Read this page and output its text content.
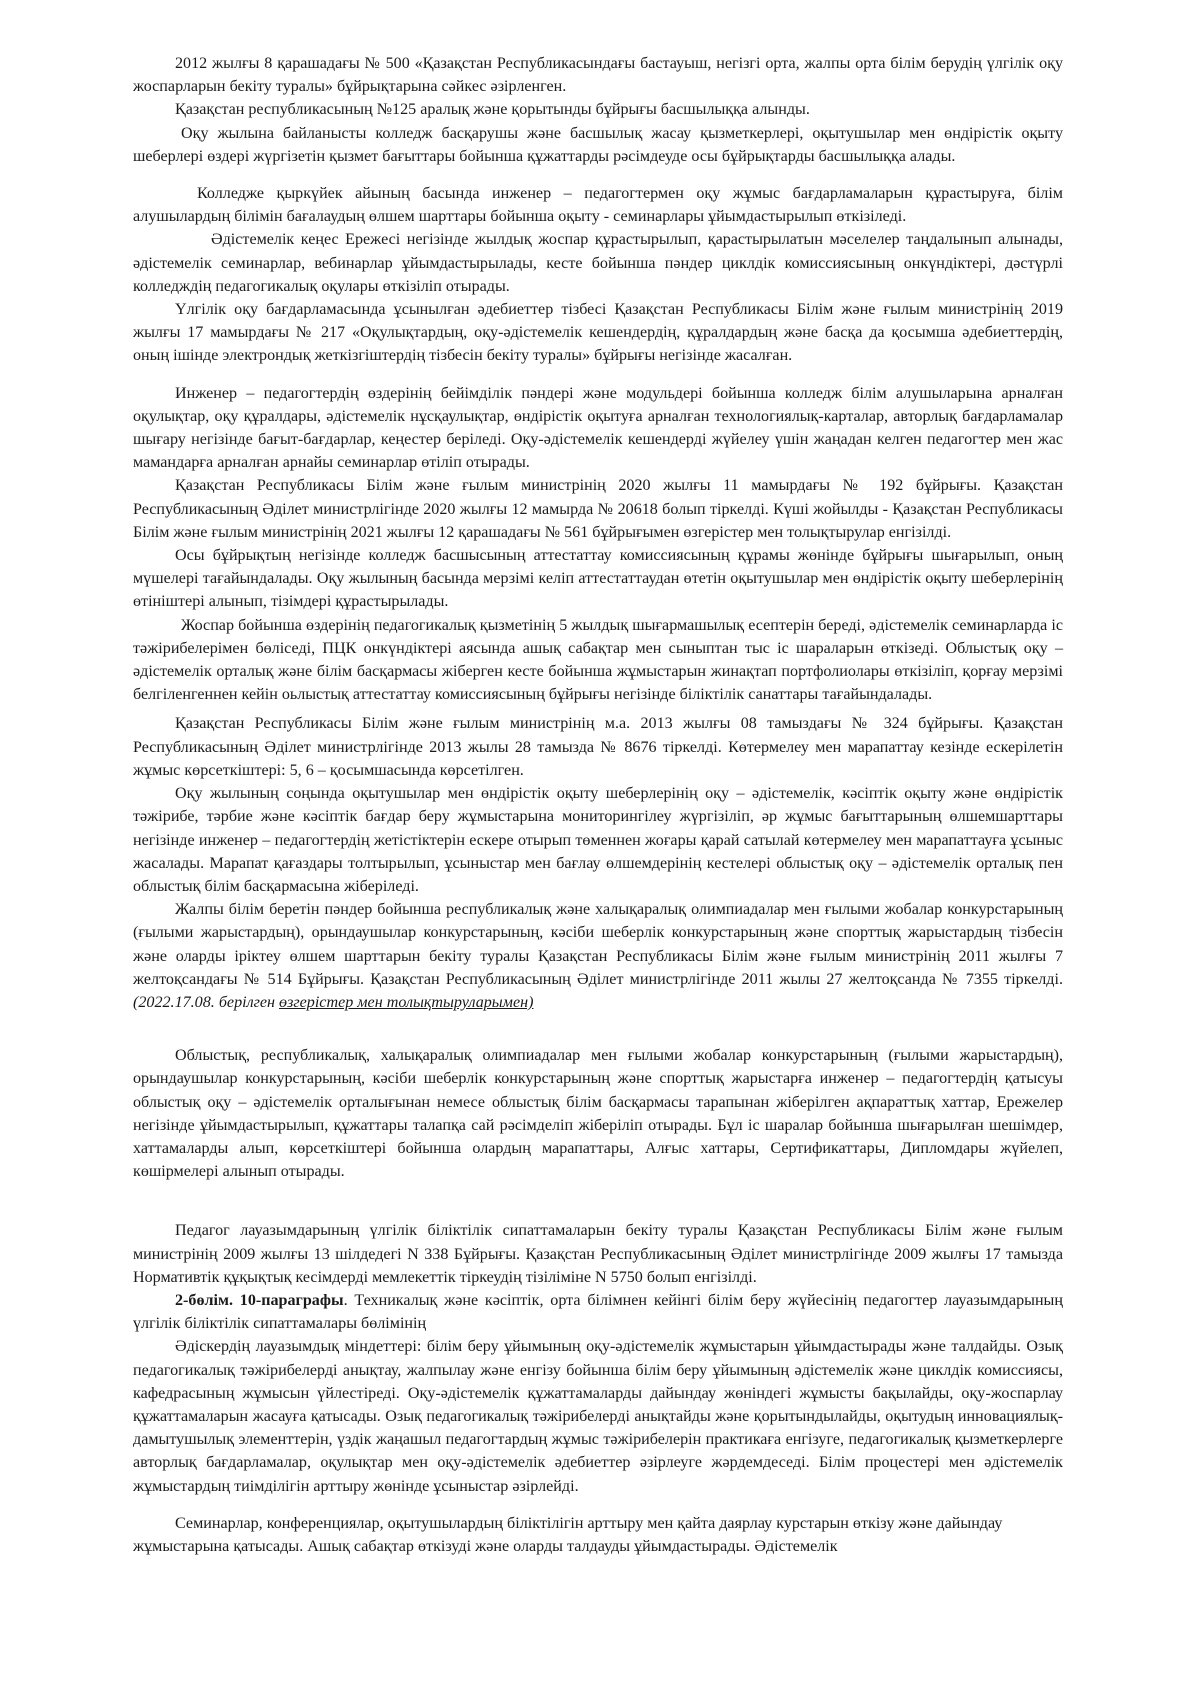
2012 жылғы 8 қарашадағы № 500 «Қазақстан Республикасындағы бастауыш, негізгі орта, жалпы орта білім берудің үлгілік оқу жоспарларын бекіту туралы» бұйрықтарына сәйкес әзірленген.

Қазақстан республикасының №125 аралық және қорытынды бұйрығы басшылыққа алынды.

Оқу жылына байланысты колледж басқарушы және басшылық жасау қызметкерлері, оқытушылар мен өндірістік оқыту шеберлері өздері жүргізетін қызмет бағыттары бойынша құжаттарды рәсімдеуде осы бұйрықтарды басшылыққа алады.

Колледже қыркүйек айының басында инженер – педагогтермен оқу жұмыс бағдарламаларын құрастыруға, білім алушылардың білімін бағалаудың өлшем шарттары бойынша оқыту - семинарлары ұйымдастырылып өткізіледі.

Әдістемелік кеңес Ережесі негізінде жылдық жоспар құрастырылып, қарастырылатын мәселелер таңдалынып алынады, әдістемелік семинарлар, вебинарлар ұйымдастырылады, кесте бойынша пәндер циклдік комиссиясының онкүндіктері, дәстүрлі колледждің педагогикалық оқулары өткізіліп отырады.

Үлгілік оқу бағдарламасында ұсынылған әдебиеттер тізбесі Қазақстан Республикасы Білім және ғылым министрінің 2019 жылғы 17 мамырдағы № 217 «Оқулықтардың, оқу-әдістемелік кешендердің, құралдардың және басқа да қосымша әдебиеттердің, оның ішінде электрондық жеткізгіштердің тізбесін бекіту туралы» бұйрығы негізінде жасалған.

Инженер – педагогтердің өздерінің бейімділік пәндері және модульдері бойынша колледж білім алушыларына арналған оқулықтар, оқу құралдары, әдістемелік нұсқаулықтар, өндірістік оқытуға арналған технологиялық-карталар, авторлық бағдарламалар шығару негізінде бағыт-бағдарлар, кеңестер беріледі. Оқу-әдістемелік кешендерді жүйелеу үшін жаңадан келген педагогтер мен жас мамандарға арналған арнайы семинарлар өтіліп отырады.

Қазақстан Республикасы Білім және ғылым министрінің 2020 жылғы 11 мамырдағы № 192 бұйрығы. Қазақстан Республикасының Әділет министрлігінде 2020 жылғы 12 мамырда № 20618 болып тіркелді. Күші жойылды - Қазақстан Республикасы Білім және ғылым министрінің 2021 жылғы 12 қарашадағы № 561 бұйрығымен өзгерістер мен толықтырулар енгізілді.

Осы бұйрықтың негізінде колледж басшысының аттестаттау комиссиясының құрамы жөнінде бұйрығы шығарылып, оның мүшелері тағайындалады. Оқу жылының басында мерзімі келіп аттестаттаудан өтетін оқытушылар мен өндірістік оқыту шеберлерінің өтініштері алынып, тізімдері құрастырылады.

Жоспар бойынша өздерінің педагогикалық қызметінің 5 жылдық шығармашылық есептерін береді, әдістемелік семинарларда іс тәжірибелерімен бөліседі, ПЦК онкүндіктері аясында ашық сабақтар мен сыныптан тыс іс шараларын өткізеді. Облыстық оқу – әдістемелік орталық және білім басқармасы жіберген кесте бойынша жұмыстарын жинақтап портфолиолары өткізіліп, қорғау мерзімі белгіленгеннен кейін оьлыстық аттестаттау комиссиясының бұйрығы негізінде біліктілік санаттары тағайындалады.

Қазақстан Республикасы Білім және ғылым министрінің м.а. 2013 жылғы 08 тамыздағы № 324 бұйрығы. Қазақстан Республикасының Әділет министрлігінде 2013 жылы 28 тамызда № 8676 тіркелді. Көтермелеу мен марапаттау кезінде ескерілетін жұмыс көрсеткіштері: 5, 6 – қосымшасында көрсетілген.

Оқу жылының соңында оқытушылар мен өндірістік оқыту шеберлерінің оқу – әдістемелік, кәсіптік оқыту және өндірістік тәжірибе, тәрбие және кәсіптік бағдар беру жұмыстарына мониторингілеу жүргізіліп, әр жұмыс бағыттарының өлшемшарттары негізінде инженер – педагогтердің жетістіктерін ескере отырып төменнен жоғары қарай сатылай көтермелеу мен марапаттауға ұсыныс жасалады. Марапат қағаздары толтырылып, ұсыныстар мен бағлау өлшемдерінің кестелері облыстық оқу – әдістемелік орталық пен облыстық білім басқармасына жіберіледі.

Жалпы білім беретін пәндер бойынша республикалық және халықаралық олимпиадалар мен ғылыми жобалар конкурстарының (ғылыми жарыстардың), орындаушылар конкурстарының, кәсіби шеберлік конкурстарының және спорттық жарыстардың тізбесін және оларды іріктеу өлшем шарттарын бекіту туралы Қазақстан Республикасы Білім және ғылым министрінің 2011 жылғы 7 желтоқсандағы № 514 Бұйрығы. Қазақстан Республикасының Әділет министрлігінде 2011 жылы 27 желтоқсанда № 7355 тіркелді. (2022.17.08. берілген өзгерістер мен толықтыруларымен)

Облыстық, республикалық, халықаралық олимпиадалар мен ғылыми жобалар конкурстарының (ғылыми жарыстардың), орындаушылар конкурстарының, кәсіби шеберлік конкурстарының және спорттық жарыстарға инженер – педагогтердің қатысуы облыстық оқу – әдістемелік орталығынан немесе облыстық білім басқармасы тарапынан жіберілген ақпараттық хаттар, Ережелер негізінде ұйымдастырылып, құжаттары талапқа сай рәсімделіп жіберіліп отырады. Бұл іс шаралар бойынша шығарылған шешімдер, хаттамаларды алып, көрсеткіштері бойынша олардың марапаттары, Алғыс хаттары, Сертификаттары, Дипломдары жүйелеп, көшірмелері алынып отырады.

Педагог лауазымдарының үлгілік біліктілік сипаттамаларын бекіту туралы Қазақстан Республикасы Білім және ғылым министрінің 2009 жылғы 13 шілдедегі N 338 Бұйрығы. Қазақстан Республикасының Әділет министрлігінде 2009 жылғы 17 тамызда Нормативтік құқықтық кесімдерді мемлекеттік тіркеудің тізіліміне N 5750 болып енгізілді.

2-бөлім. 10-параграфы. Техникалық және кәсіптік, орта білімнен кейінгі білім беру жүйесінің педагогтер лауазымдарының үлгілік біліктілік сипаттамалары бөлімінің

Әдіскердің лауазымдық міндеттері: білім беру ұйымының оқу-әдістемелік жұмыстарын ұйымдастырады және талдайды. Озық педагогикалық тәжірибелерді анықтау, жалпылау және енгізу бойынша білім беру ұйымының әдістемелік және циклдік комиссиясы, кафедрасының жұмысын үйлестіреді. Оқу-әдістемелік құжаттамаларды дайындау жөніндегі жұмысты бақылайды, оқу-жоспарлау құжаттамаларын жасауға қатысады. Озық педагогикалық тәжірибелерді анықтайды және қорытындылайды, оқытудың инновациялық-дамытушылық элементтерін, үздік жаңашыл педагогтардың жұмыс тәжірибелерін практикаға енгізуге, педагогикалық қызметкерлерге авторлық бағдарламалар, оқулықтар мен оқу-әдістемелік әдебиеттер әзірлеуге жәрдемдеседі. Білім процестері мен әдістемелік жұмыстардың тиімділігін арттыру жөнінде ұсыныстар әзірлейді.

Семинарлар, конференциялар, оқытушылардың біліктілігін арттыру мен қайта даярлау курстарын өткізу және дайындау жұмыстарына қатысады. Ашық сабақтар өткізуді және оларды талдауды ұйымдастырады. Әдістемелік
